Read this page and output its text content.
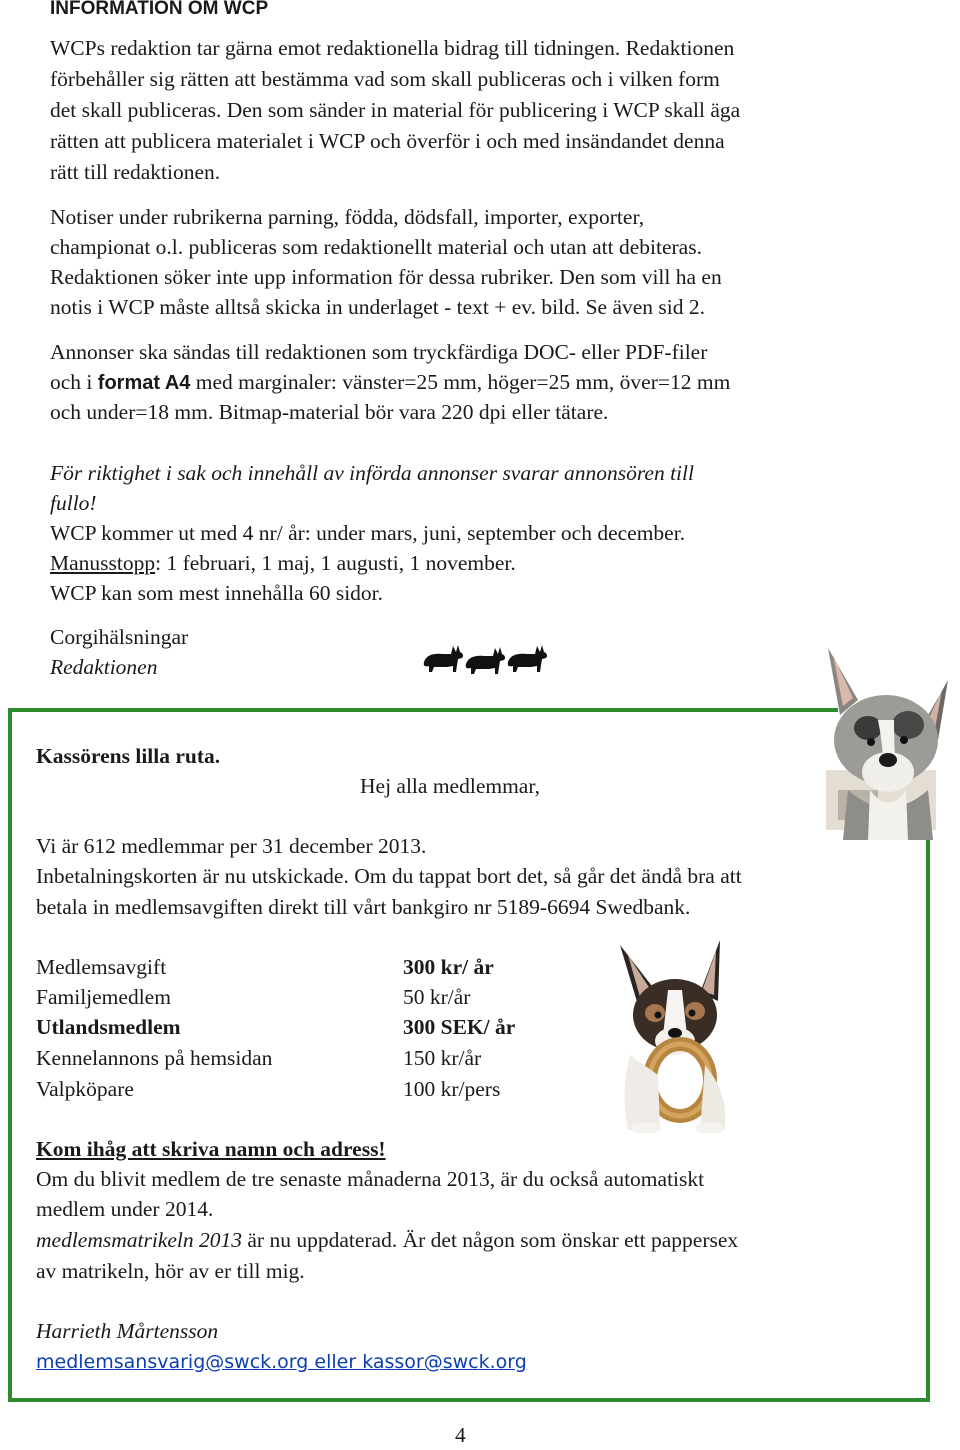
INFORMATION OM WCP
WCPs redaktion tar gärna emot redaktionella bidrag till tidningen. Redaktionen
förbehåller sig rätten att bestämma vad som skall publiceras och i vilken form
det skall publiceras. Den som sänder in material för publicering i WCP skall äga
rätten att publicera materialet i WCP och överför i och med insändandet denna
rätt till redaktionen.
Notiser under rubrikerna parning, födda, dödsfall, importer, exporter,
championat o.l. publiceras som redaktionellt material och utan att debiteras.
Redaktionen söker inte upp information för dessa rubriker. Den som vill ha en
notis i WCP måste alltså skicka in underlaget - text + ev. bild. Se även sid 2.
Annonser ska sändas till redaktionen som tryckfärdiga DOC- eller PDF-filer
och i format A4 med marginaler: vänster=25 mm, höger=25 mm, över=12 mm
och under=18 mm. Bitmap-material bör vara 220 dpi eller tätare.
För riktighet i sak och innehåll av införda annonser svarar annonsören till
fullo!
WCP kommer ut med 4 nr/ år: under mars, juni, september och december.
Manusstopp: 1 februari, 1 maj, 1 augusti, 1 november.
WCP kan som mest innehålla 60 sidor.
Corgihälsningar
Redaktionen
Kassörens lilla ruta.
Hej alla medlemmar,
Vi är 612 medlemmar per 31 december 2013.
Inbetalningskorten är nu utskickade. Om du tappat bort det, så går det ändå bra att
betala in medlemsavgiften direkt till vårt bankgiro nr 5189-6694 Swedbank.
Medlemsavgift	300 kr/ år
Familjemedlem	50 kr/år
Utlandsmedlem	300 SEK/ år
Kennelannons på hemsidan	150 kr/år
Valpköpare	100 kr/pers
Kom ihåg att skriva namn och adress!
Om du blivit medlem de tre senaste månaderna 2013, är du också automatiskt
medlem under 2014.
medlemsmatrikeln 2013 är nu uppdaterad. Är det någon som önskar ett pappersex
av matrikeln, hör av er till mig.
Harrieth Mårtensson
medlemsansvarig@swck.org eller kassor@swck.org
4
